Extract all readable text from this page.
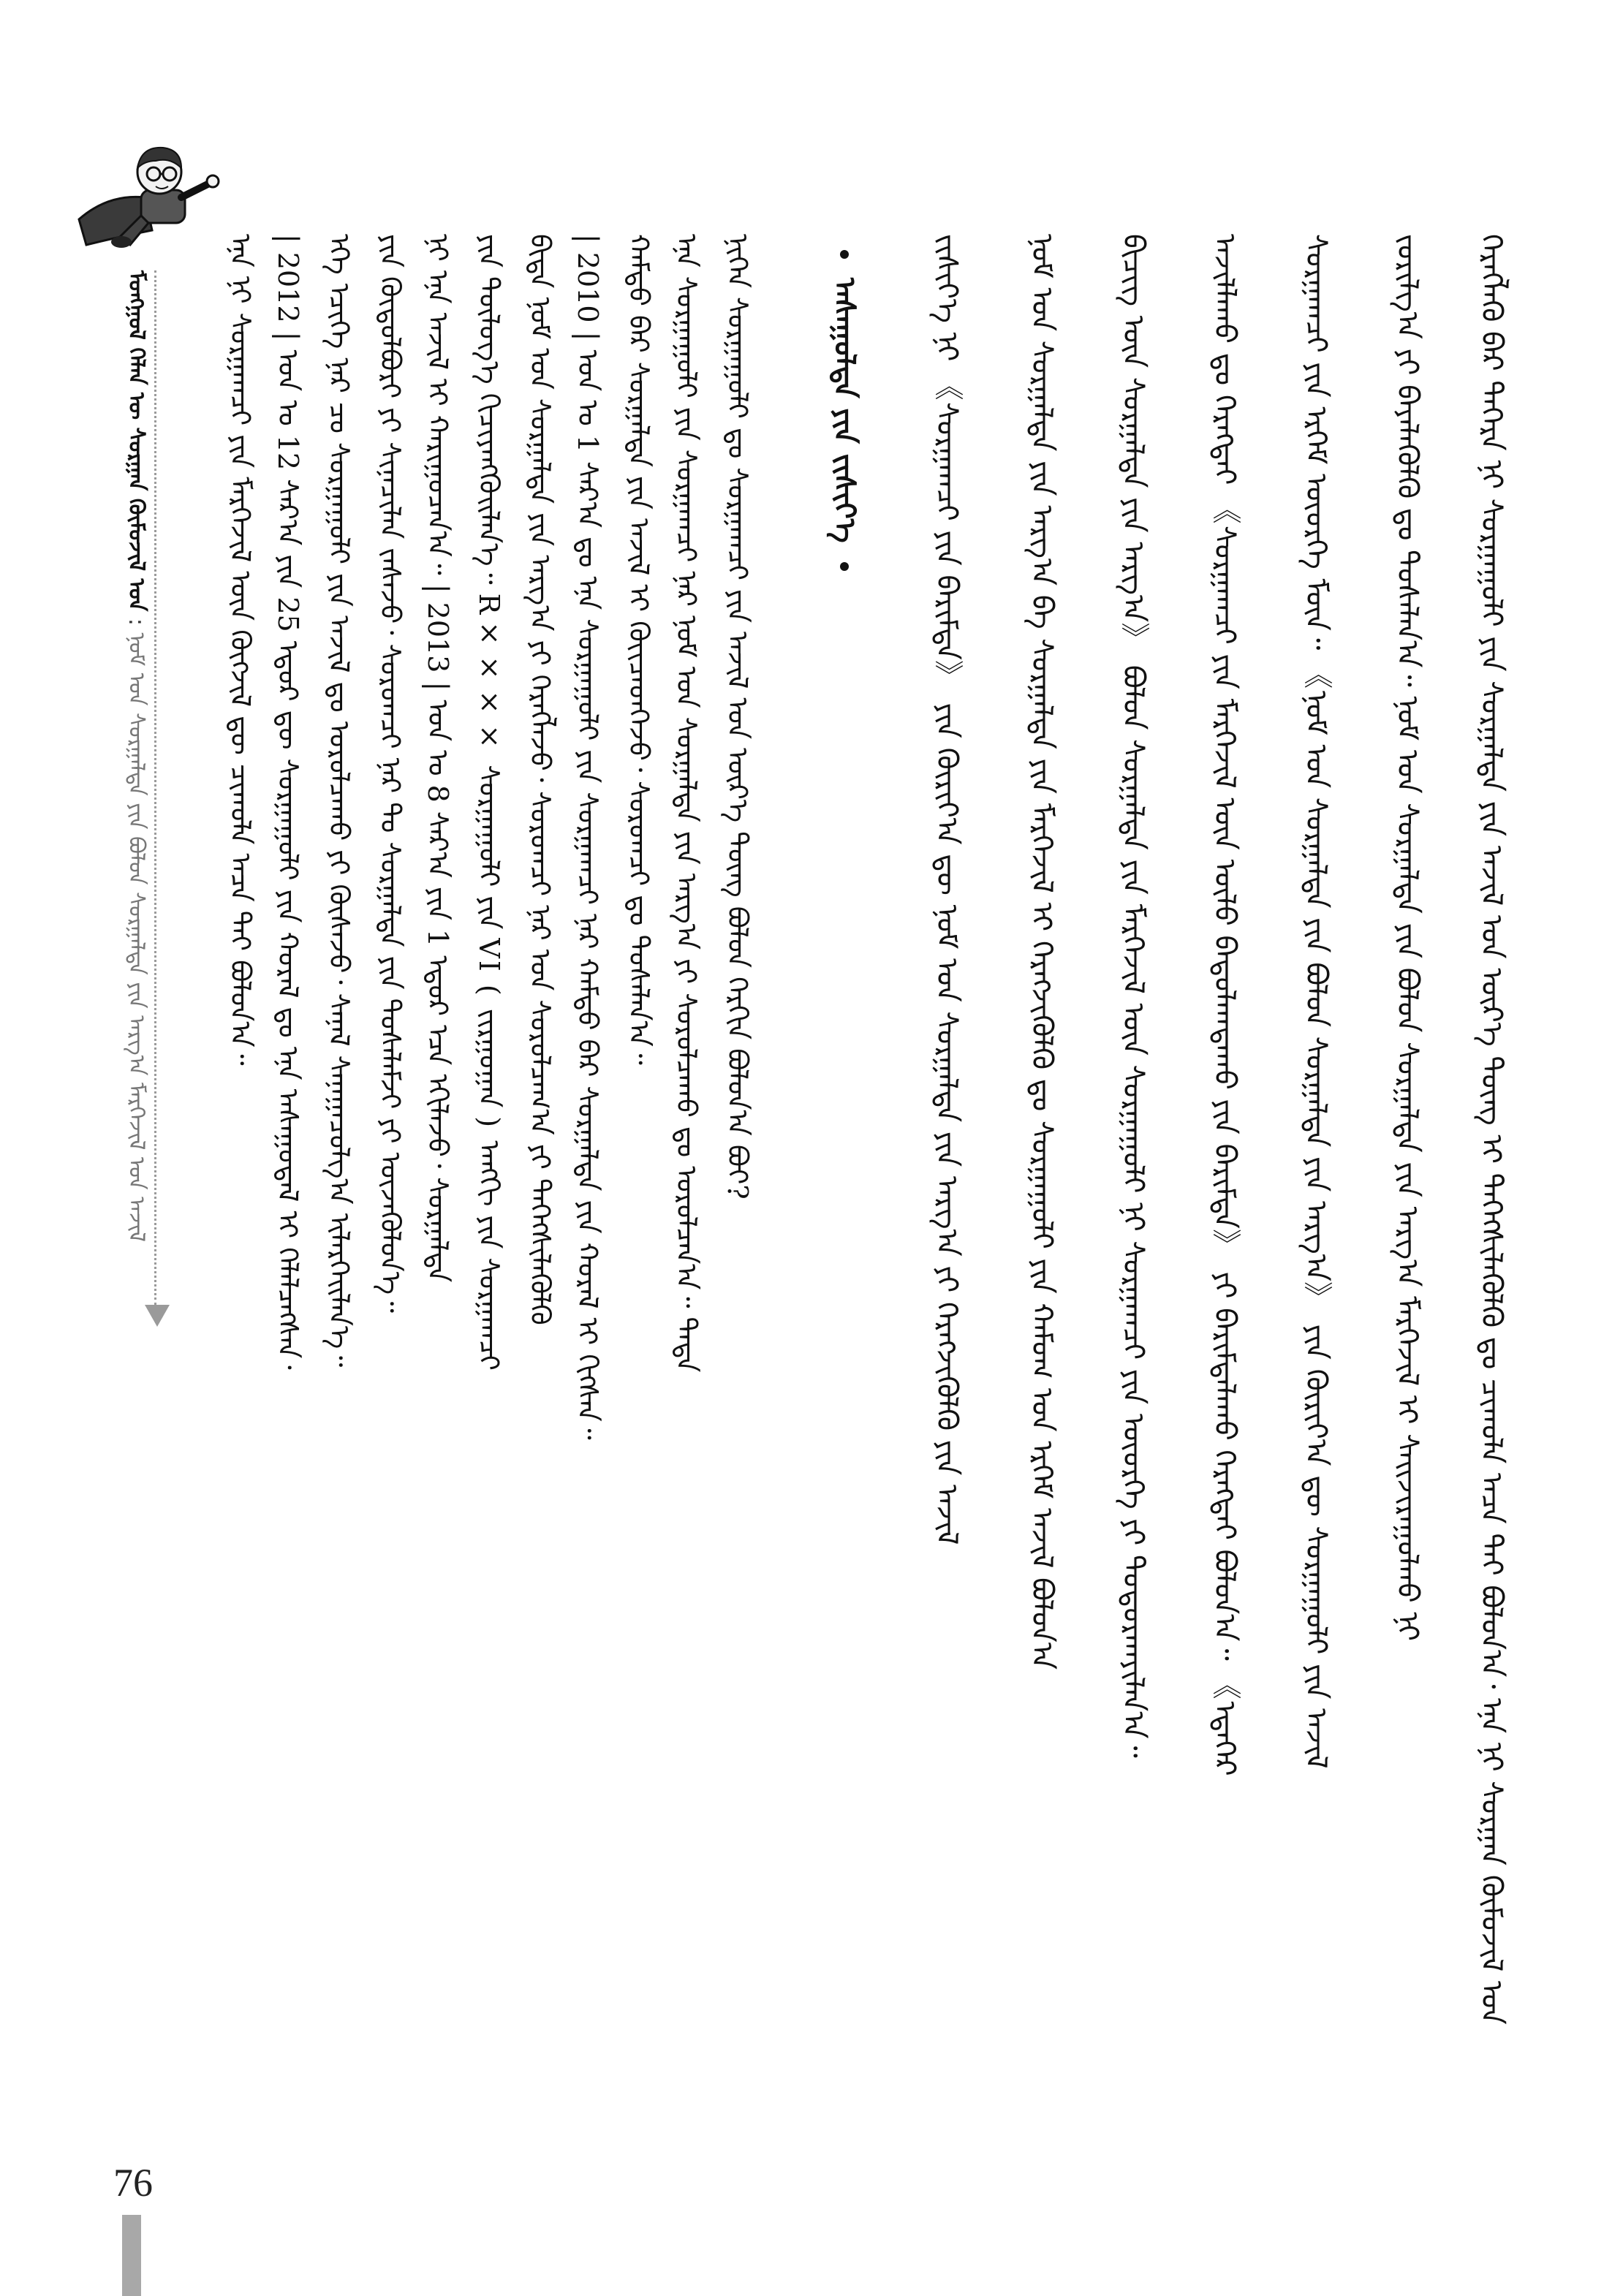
ᠵᠢᠱᠢᠶ᠎ᠡ ᠨᠢ 《ᠰᠤᠷᠭᠠᠭᠴᠢ ᠶᠢᠨ ᠪᠠᠷᠢᠮᠲᠠ》 ᠶᠢᠨ ᠬᠦᠷᠢᠶ᠎ᠡᠨ ᠳᠦ ᠨᠣᠮ ᠤᠨ ᠰᠤᠷᠭᠠᠯᠲᠠ ᠶᠢᠨ ᠠᠷᠭ᠎ᠠ ᠶᠢ ᠬᠡᠷᠡᠭᠵᠢᠭᠦᠯᠬᠦ ᠶᠢᠨ ᠠᠵᠢᠯ ᠨᠣᠮ ᠤᠨ ᠰᠤᠷᠭᠠᠯᠲᠠ ᠶᠢᠨ ᠠᠷᠭ᠎ᠠ ᠪᠠ ᠰᠤᠷᠭᠠᠯᠲᠠ ᠶᠢᠨ ᠮᠡᠷᠭᠡᠵᠢᠯ ᠢ ᠬᠡᠷᠡᠭᠵᠢᠭᠦᠯᠬᠦ ᠳᠤ ᠰᠤᠷᠭᠠᠭᠤᠯᠢ ᠶᠢᠨ ᠬᠠᠮᠤᠭ ᠤᠨ ᠡᠷᠬᠡᠮ ᠠᠵᠢᠯ ᠪᠣᠯᠤᠨ᠎ᠠ ᠪᠢᠴᠢᠭ᠌ ᠦᠨ ᠰᠤᠷᠭᠠᠯᠲᠠ ᠶᠢᠨ ᠠᠷᠭ᠎ᠠ》 ᠪᠣᠯᠤᠨ ᠰᠤᠷᠭᠠᠯᠲᠠ ᠶᠢᠨ ᠮᠡᠷᠭᠡᠵᠢᠯ ᠦᠨ ᠰᠤᠷᠭᠠᠭᠤᠯᠢ ᠨᠢ ᠰᠤᠷᠭᠠᠭᠴᠢ ᠶᠢᠨ ᠦᠦᠷᠭᠡ ᠶᠢ ᠲᠣᠳᠣᠷᠬᠠᠶᠢᠯᠠᠨ᠎ᠠ᠃ ᠠᠵᠢᠯᠯᠠᠬᠤ ᠳᠤ ᠬᠡᠷᠡᠭᠲᠡᠢ 《ᠰᠤᠷᠭᠠᠭᠴᠢ ᠶᠢᠨ ᠮᠡᠷᠭᠡᠵᠢᠯ ᠦᠨ ᠦᠯᠦ ᠪᠠᠲᠤᠯᠠᠭᠳᠠᠬᠤ ᠶᠢᠨ ᠪᠠᠷᠢᠮᠲᠠ》 ᠶᠢ ᠪᠠᠷᠢᠮᠲᠠᠯᠠᠬᠤ ᠬᠡᠷᠡᠭᠲᠡᠢ ᠪᠣᠯᠤᠨ᠎ᠠ᠃ 《ᠡᠳᠡᠭᠡᠷ ᠰᠤᠷᠭᠠᠭᠴᠢ ᠶᠢᠨ ᠡᠷᠬᠡᠮ ᠦᠦᠷᠭᠡ ᠮᠥᠨ᠃ 《ᠨᠣᠮ ᠤᠨ ᠰᠤᠷᠭᠠᠯᠲᠠ ᠶᠢᠨ ᠪᠣᠯᠤᠨ ᠰᠤᠷᠭᠠᠯᠲᠠ ᠶᠢᠨ ᠠᠷᠭ᠎ᠠ》 ᠶᠢᠨ ᠬᠦᠷᠢᠶ᠎ᠡᠨ ᠳᠦ ᠰᠤᠷᠭᠠᠭᠤᠯᠢ ᠶᠢᠨ ᠠᠵᠢᠯ ᠵᠣᠷᠢᠯᠭ᠎ᠠ ᠶᠢ ᠪᠡᠶᠡᠯᠡᠭᠦᠯᠬᠦ ᠳᠤ ᠲᠤᠰᠠᠯᠠᠨ᠎ᠠ᠃ ᠨᠣᠮ ᠤᠨ ᠰᠤᠷᠭᠠᠯᠲᠠ ᠶᠢᠨ ᠪᠣᠯᠤᠨ ᠰᠤᠷᠭᠠᠯᠲᠠ ᠶᠢᠨ ᠠᠷᠭ᠎ᠠ ᠮᠡᠷᠭᠡᠵᠢᠯ ᠢ ᠰᠠᠢᠵᠢᠷᠠᠭᠤᠯᠬᠤ ᠨᠢ ᠬᠡᠷᠡᠭᠯᠡᠬᠦ ᠪᠠᠷ ᠳᠡᠭᠡᠷᠡ ᠨᠢ ᠰᠤᠷᠭᠠᠭᠤᠯᠢ ᠶᠢᠨ ᠰᠤᠷᠭᠠᠯᠲᠠ ᠶᠢᠨ ᠠᠵᠢᠯ ᠤᠨ ᠦᠷ᠎ᠡ ᠳᠦᠩ ᠢ ᠳᠡᠭᠡᠭᠰᠢᠯᠡᠭᠦᠯᠬᠦ ᠳᠤ ᠴᠢᠬᠤᠯᠠ ᠠᠴᠠ ᠲᠠᠢ ᠪᠣᠯᠤᠨ᠎ᠠ᠂ ᠡᠨᠡ ᠨᠢ ᠰᠤᠷᠭᠠᠨ ᠬᠦᠮᠦᠵᠢᠯ ᠤᠨ
ᠠᠰᠠᠭᠤᠯᠲᠠ ᠶᠢᠨ ᠵᠢᠱᠢᠶ᠎ᠡ
ᠡᠨᠡ ᠨᠢ ᠰᠤᠷᠭᠠᠭᠴᠢ ᠶᠢᠨ ᠮᠡᠷᠭᠡᠵᠢᠯ ᠦᠨ ᠬᠥᠭᠵᠢᠯ ᠳᠦ ᠴᠢᠬᠤᠯᠠ ᠠᠴᠠ ᠲᠠᠢ ᠪᠣᠯᠤᠨ᠎ᠠ᠃ | 2012 | ᠣᠨ ᠤ 12 ᠰᠠᠷ᠎ᠠ ᠶᠢᠨ 25 ᠡᠳᠦᠷ ᠳᠦ ᠰᠤᠷᠭᠠᠭᠤᠯᠢ ᠶᠢᠨ ᠬᠤᠷᠠᠯ ᠳᠤ ᠡᠨᠡ ᠠᠰᠠᠭᠤᠳᠠᠯ ᠢ ᠬᠡᠯᠡᠯᠴᠡᠭᠰᠡᠨ᠂ ᠡᠬᠡ ᠡᠴᠢᠭᠡ ᠨᠠᠷ ᠴᠤ ᠰᠤᠷᠭᠠᠭᠤᠯᠢ ᠶᠢᠨ ᠠᠵᠢᠯ ᠳᠤ ᠣᠷᠣᠯᠴᠠᠬᠤ ᠶᠢ ᠬᠦᠰᠡᠵᠦ᠂ ᠰᠠᠨᠠᠯ ᠰᠠᠨᠠᠭᠠᠴᠤᠯᠭ᠎ᠠ ᠢᠯᠡᠷᠬᠡᠢᠯᠡᠨ᠎ᠡ᠃ ᠶᠢᠨ ᠬᠥᠲᠦᠯᠪᠦᠷᠢ ᠶᠢ ᠰᠢᠨᠡᠴᠢᠯᠡᠨ ᠵᠠᠰᠠᠵᠤ᠂ ᠰᠤᠷᠤᠭᠴᠢ ᠨᠠᠷ ᠲᠤ ᠰᠤᠷᠭᠠᠯᠲᠠ ᠶᠢᠨ ᠲᠤᠰᠠᠯᠠᠮᠵᠢ ᠶᠢ ᠦᠵᠡᠭᠦᠯᠦᠨ᠎ᠡ᠃ ᠨᠢ ᠡᠨᠡ ᠠᠵᠢᠯ ᠢ ᠬᠠᠷᠢᠭᠤᠴᠠᠨ᠎ᠠ᠃ | 2013 | ᠣᠨ ᠤ 8 ᠰᠠᠷ᠎ᠠ ᠶᠢᠨ 1 ᠡᠳᠦᠷ ᠡᠴᠡ ᠡᠬᠢᠯᠡᠵᠦ᠂ ᠰᠤᠷᠭᠠᠯᠲᠠ ᠶᠢᠨ ᠲᠥᠯᠥᠭ᠎ᠡ ᠬᠢᠴᠢᠶᠡᠩᠭᠦᠢᠯᠡᠨ᠎ᠡ᠃ R×××× ᠰᠤᠷᠭᠠᠭᠤᠯᠢ ᠶᠢᠨ VI ( ᠵᠢᠷᠭᠤᠭᠠᠨ ) ᠠᠩᠭᠢ ᠶᠢᠨ ᠰᠤᠷᠭᠠᠭᠴᠢ ᠪᠢᠳᠡ ᠨᠣᠮ ᠤᠨ ᠰᠤᠷᠭᠠᠯᠲᠠ ᠶᠢᠨ ᠠᠷᠭ᠎ᠠ ᠶᠢ ᠬᠡᠷᠡᠭᠯᠡᠵᠦ᠂ ᠰᠤᠷᠤᠭᠴᠢ ᠨᠠᠷ ᠤᠨ ᠰᠤᠷᠤᠯᠴᠠᠭ᠎ᠠ ᠶᠢ ᠳᠡᠭᠡᠭᠰᠢᠯᠡᠭᠦᠯᠬᠦ | 2010 | ᠣᠨ ᠤ 1 ᠰᠠᠷ᠎ᠠ ᠳᠤ ᠡᠨᠡ ᠰᠤᠷᠭᠠᠭᠤᠯᠢ ᠶᠢᠨ ᠰᠤᠷᠭᠠᠭᠴᠢ ᠨᠠᠷ ᠬᠠᠮᠲᠤ ᠪᠠᠷ ᠰᠤᠷᠭᠠᠯᠲᠠ ᠶᠢᠨ ᠬᠤᠷᠠᠯ ᠢ ᠬᠢᠭᠰᠡᠨ᠃ ᠬᠠᠮᠲᠤ ᠪᠠᠷ ᠰᠤᠷᠭᠠᠯᠲᠠ ᠶᠢᠨ ᠠᠵᠢᠯ ᠢ ᠭᠦᠢᠴᠡᠳᠬᠡᠵᠦ᠂ ᠰᠤᠷᠤᠭᠴᠢ ᠳᠤ ᠲᠤᠰᠠᠯᠠᠨ᠎ᠠ᠃ ᠡᠨᠡ ᠰᠤᠷᠭᠠᠭᠤᠯᠢ ᠶᠢᠨ ᠰᠤᠷᠭᠠᠭᠴᠢ ᠨᠠᠷ ᠨᠣᠮ ᠤᠨ ᠰᠤᠷᠭᠠᠯᠲᠠ ᠶᠢᠨ ᠠᠷᠭ᠎ᠠ ᠶᠢ ᠰᠤᠷᠤᠯᠴᠠᠬᠤ ᠳᠤ ᠣᠷᠣᠯᠴᠠᠨ᠎ᠠ᠃ ᠲᠡᠳᠡ ᠨᠢᠭᠡᠨ ᠰᠤᠷᠭᠠᠭᠤᠯᠢ ᠳᠤ ᠰᠤᠷᠭᠠᠭᠴᠢ ᠶᠢᠨ ᠠᠵᠢᠯ ᠤᠨ ᠦᠷ᠎ᠡ ᠳᠦᠩ ᠪᠣᠯᠤᠨ ᠬᠡᠷᠬᠢᠨ ᠪᠣᠯᠤᠨ᠎ᠠ ᠪᠤᠢ?
ᠮᠣᠩᠭᠣᠯ ᠬᠡᠯᠡᠨ ᠦ ᠰᠤᠷᠭᠠᠨ ᠬᠦᠮᠦᠵᠢᠯ ᠤᠨ : ᠨᠣᠮ ᠤᠨ ᠰᠤᠷᠭᠠᠯᠲᠠ ᠶᠢᠨ ᠪᠣᠯᠤᠨ ᠰᠤᠷᠭᠠᠯᠲᠠ ᠶᠢᠨ ᠠᠷᠭ᠎ᠠ ᠮᠡᠷᠭᠡᠵᠢᠯ ᠤᠨ ᠠᠵᠢᠯ
76
